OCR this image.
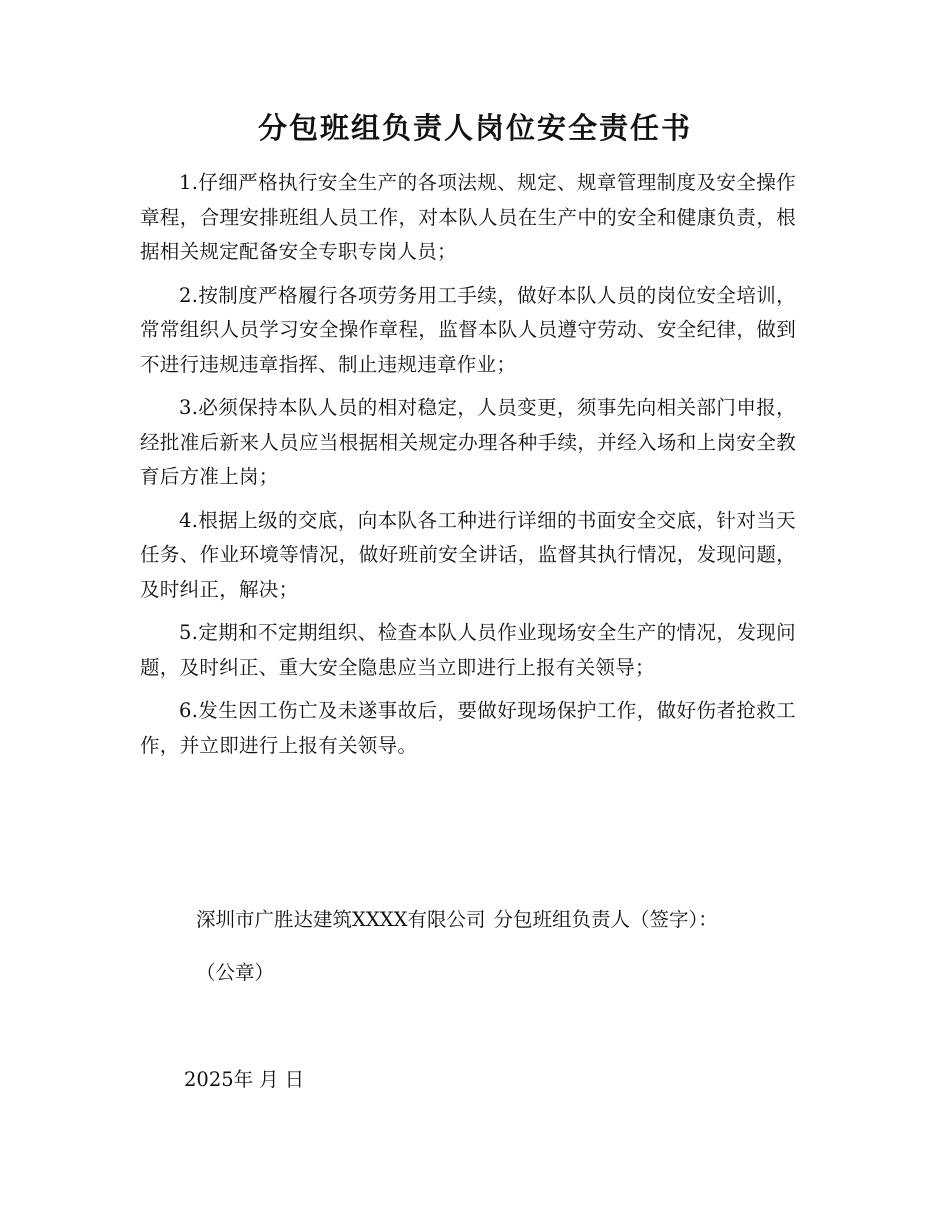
分包班组负责人岗位安全责任书

1.仔细严格执行安全生产的各项法规、规定、规章管理制度及安全操作章程，合理安排班组人员工作，对本队人员在生产中的安全和健康负责，根据相关规定配备安全专职专岗人员；

2.按制度严格履行各项劳务用工手续，做好本队人员的岗位安全培训，常常组织人员学习安全操作章程，监督本队人员遵守劳动、安全纪律，做到不进行违规违章指挥、制止违规违章作业；

3.必须保持本队人员的相对稳定，人员变更，须事先向相关部门申报，经批准后新来人员应当根据相关规定办理各种手续，并经入场和上岗安全教育后方准上岗；

4.根据上级的交底，向本队各工种进行详细的书面安全交底，针对当天任务、作业环境等情况，做好班前安全讲话，监督其执行情况，发现问题，及时纠正，解决；

5.定期和不定期组织、检查本队人员作业现场安全生产的情况，发现问题，及时纠正、重大安全隐患应当立即进行上报有关领导；

6.发生因工伤亡及未遂事故后，要做好现场保护工作，做好伤者抢救工作，并立即进行上报有关领导。

深圳市广胜达建筑XXXX有限公司 分包班组负责人（签字）：

（公章）

2025年 月 日
